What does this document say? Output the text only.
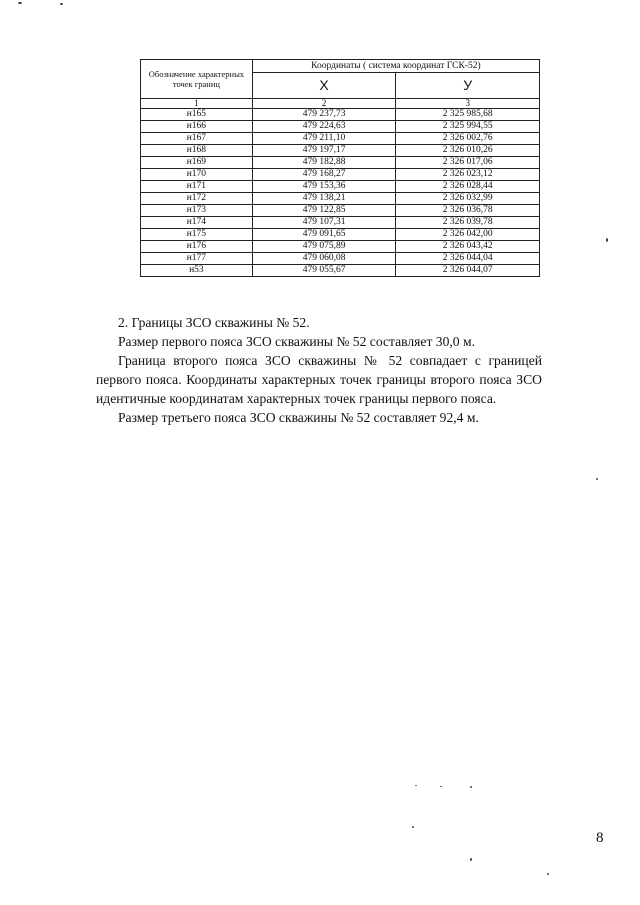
Обозначение характерных точек границ	Координаты ( система координат ГСК-52)	
	X	У
1	2	3
н165	479 237,73	2 325 985,68
н166	479 224,63	2 325 994,55
н167	479 211,10	2 326 002,76
н168	479 197,17	2 326 010,26
н169	479 182,88	2 326 017,06
н170	479 168,27	2 326 023,12
н171	479 153,36	2 326 028,44
н172	479 138,21	2 326 032,99
н173	479 122,85	2 326 036,78
н174	479 107,31	2 326 039,78
н175	479 091,65	2 326 042,00
н176	479 075,89	2 326 043,42
н177	479 060,08	2 326 044,04
н53	479 055,67	2 326 044,07

2. Границы ЗСО скважины № 52.

Размер первого пояса ЗСО скважины № 52 составляет 30,0 м.

Граница второго пояса ЗСО скважины № 52 совпадает с границей первого пояса. Координаты характерных точек границы второго пояса ЗСО идентичные координатам характерных точек границы первого пояса.

Размер третьего пояса ЗСО скважины № 52 составляет 92,4 м.

8
